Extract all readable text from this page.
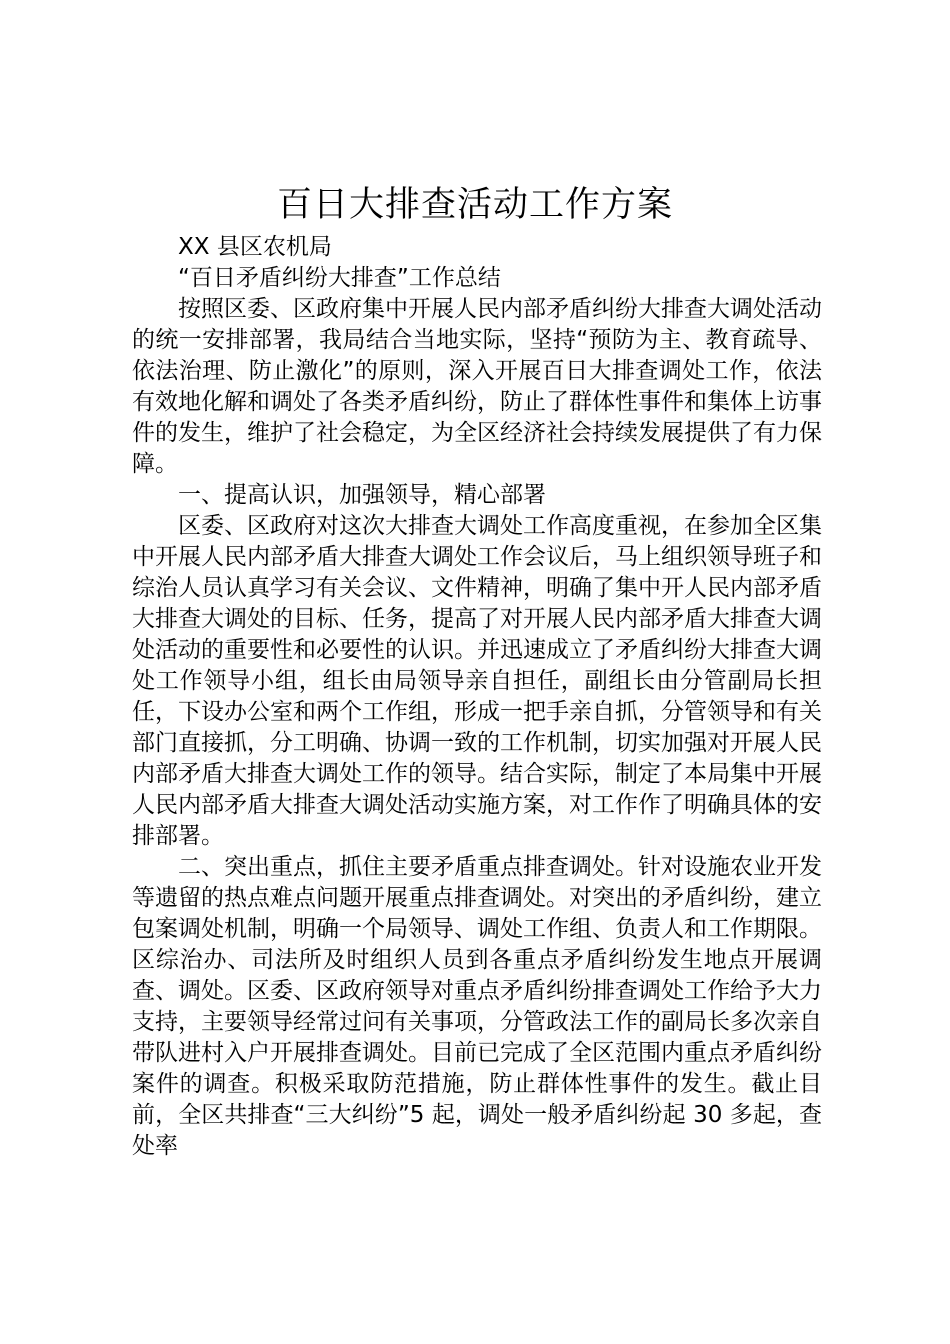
百日大排查活动工作方案

XX 县区农机局

“百日矛盾纠纷大排查”工作总结

按照区委、区政府集中开展人民内部矛盾纠纷大排查大调处活动的统一安排部署，我局结合当地实际，坚持“预防为主、教育疏导、依法治理、防止激化”的原则，深入开展百日大排查调处工作，依法有效地化解和调处了各类矛盾纠纷，防止了群体性事件和集体上访事件的发生，维护了社会稳定，为全区经济社会持续发展提供了有力保障。

一、提高认识，加强领导，精心部署

区委、区政府对这次大排查大调处工作高度重视，在参加全区集中开展人民内部矛盾大排查大调处工作会议后，马上组织领导班子和综治人员认真学习有关会议、文件精神，明确了集中开人民内部矛盾大排查大调处的目标、任务，提高了对开展人民内部矛盾大排查大调处活动的重要性和必要性的认识。并迅速成立了矛盾纠纷大排查大调处工作领导小组，组长由局领导亲自担任，副组长由分管副局长担任，下设办公室和两个工作组，形成一把手亲自抓，分管领导和有关部门直接抓，分工明确、协调一致的工作机制，切实加强对开展人民内部矛盾大排查大调处工作的领导。结合实际，制定了本局集中开展人民内部矛盾大排查大调处活动实施方案，对工作作了明确具体的安排部署。

二、突出重点，抓住主要矛盾重点排查调处。针对设施农业开发等遗留的热点难点问题开展重点排查调处。对突出的矛盾纠纷，建立包案调处机制，明确一个局领导、调处工作组、负责人和工作期限。区综治办、司法所及时组织人员到各重点矛盾纠纷发生地点开展调查、调处。区委、区政府领导对重点矛盾纠纷排查调处工作给予大力支持，主要领导经常过问有关事项，分管政法工作的副局长多次亲自带队进村入户开展排查调处。目前已完成了全区范围内重点矛盾纠纷案件的调查。积极采取防范措施，防止群体性事件的发生。截止目前，全区共排查“三大纠纷”5 起，调处一般矛盾纠纷起 30 多起，查处率
